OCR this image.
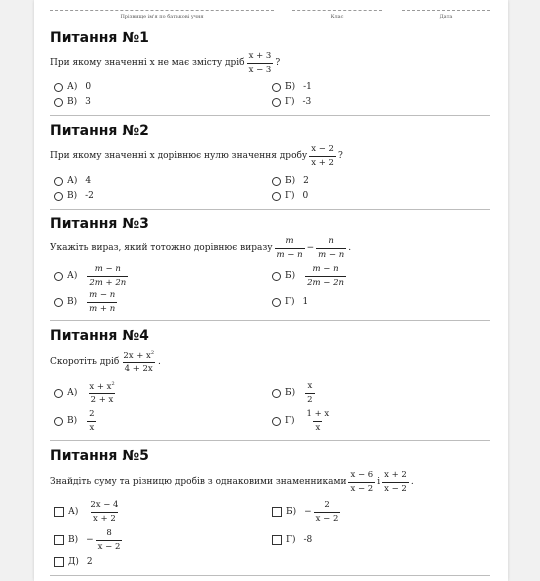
Прізвище ім'я по батькові учня	Клас	Дата
Питання №1
При якому значенні x не має змісту дріб $\frac{x + 3}{x - 3}$ ?
А) 0	Б) -1
В) 3	Г) -3
Питання №2
При якому значенні x дорівнює нулю значення дробу $\frac{x - 2}{x + 2}$ ?
А) 4	Б) 2
В) -2	Г) 0
Питання №3
Укажіть вираз, який тотожно дорівнює виразу $\frac{m}{m - n} - \frac{n}{m - n}$ .
$А) \frac{m - n}{2m + 2n}$	$Б) \frac{m - n}{2m - 2n}$
$В) \frac{m - n}{m + n}$	Г) 1
Питання №4
Скоротіть дріб $\frac{2x + x^2}{4 + 2x}$ .
$А) \frac{x + x^2}{2 + x}$	$Б) \frac{x}{2}$
$В) \frac{2}{x}$	$Г) \frac{1 + x}{x}$
Питання №5
Знайдіть суму та різницю дробів з однаковими знаменниками $\frac{x - 6}{x - 2}$ і $\frac{x + 2}{x - 2}$ .
$А) \frac{2x - 4}{x + 2}$	$Б) - \frac{2}{x - 2}$
$В) - \frac{8}{x - 2}$	Г) -8
Д) 2
